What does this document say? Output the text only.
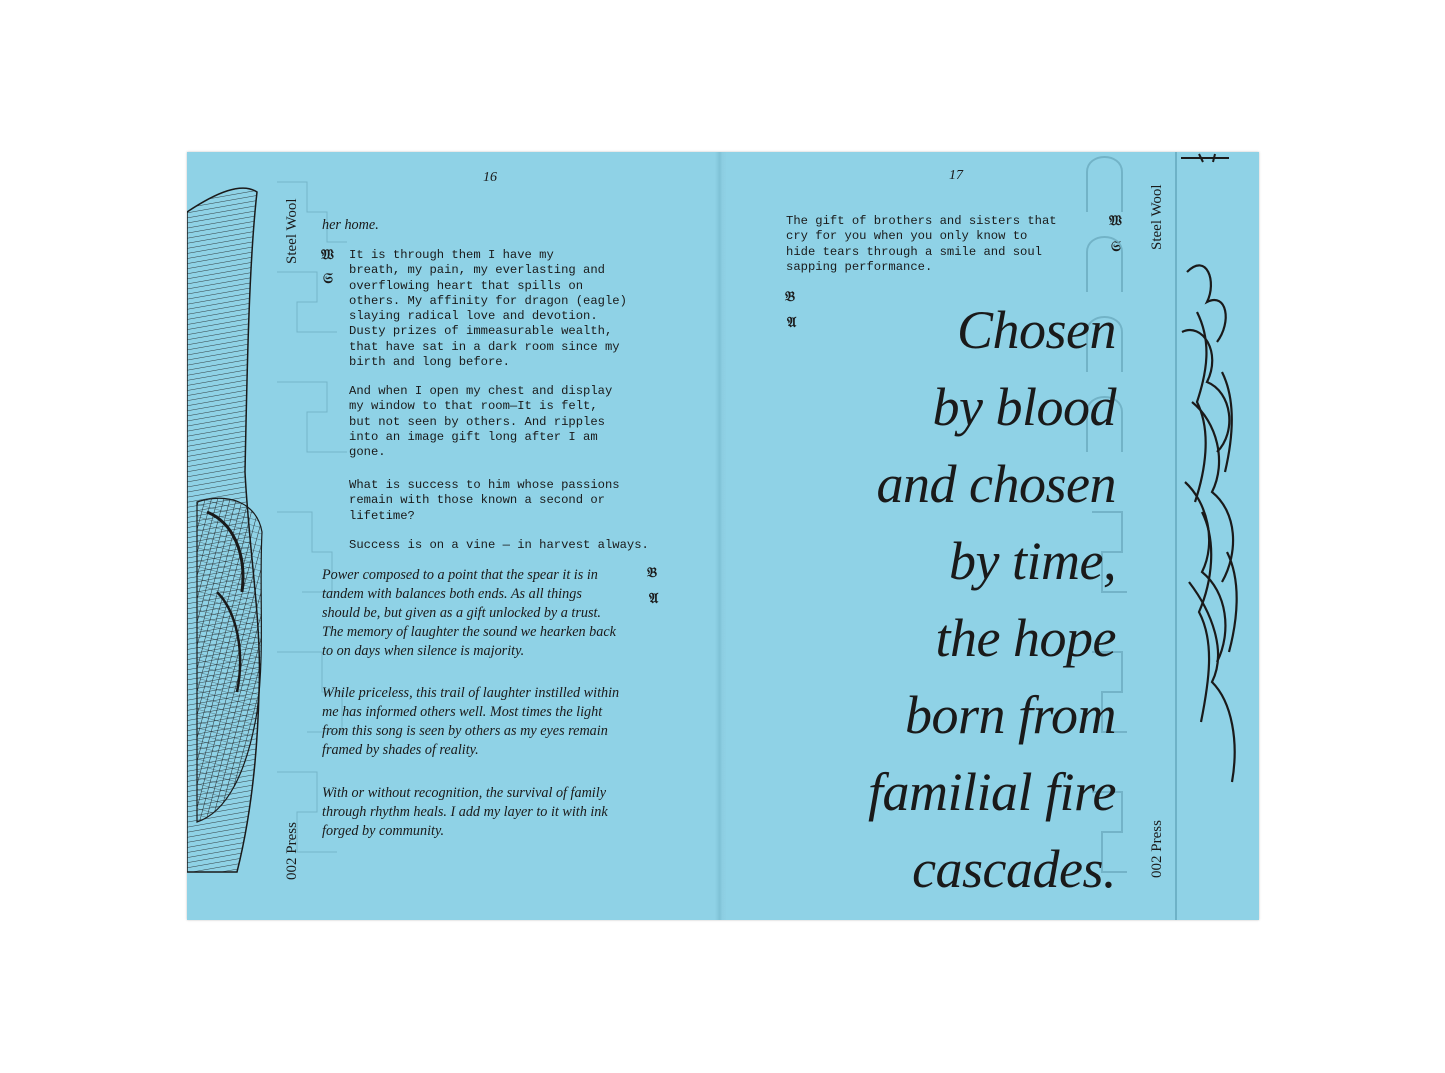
Steel Wool
002 Press
16
her home.
𝔚
𝔖
It is through them I have my
breath, my pain, my everlasting and
overflowing heart that spills on
others. My affinity for dragon (eagle)
slaying radical love and devotion.
Dusty prizes of immeasurable wealth,
that have sat in a dark room since my
birth and long before.
And when I open my chest and display
my window to that room—It is felt,
but not seen by others. And ripples
into an image gift long after I am
gone.
What is success to him whose passions
remain with those known a second or
lifetime?
Success is on a vine — in harvest always.
𝔅
𝔄
Power composed to a point that the spear it is in tandem with balances both ends. As all things should be, but given as a gift unlocked by a trust. The memory of laughter the sound we hearken back to on days when silence is majority.
While priceless, this trail of laughter instilled within me has informed others well. Most times the light from this song is seen by others as my eyes remain framed by shades of reality.
With or without recognition, the survival of family through rhythm heals. I add my layer to it with ink forged by community.
17
The gift of brothers and sisters that
cry for you when you only know to
hide tears through a smile and soul
sapping performance.
𝔚
𝔖
𝔅
𝔄	Chosen
by blood
and chosen
by time,
the hope
born from
familial fire
cascades.
Steel Wool
002 Press
